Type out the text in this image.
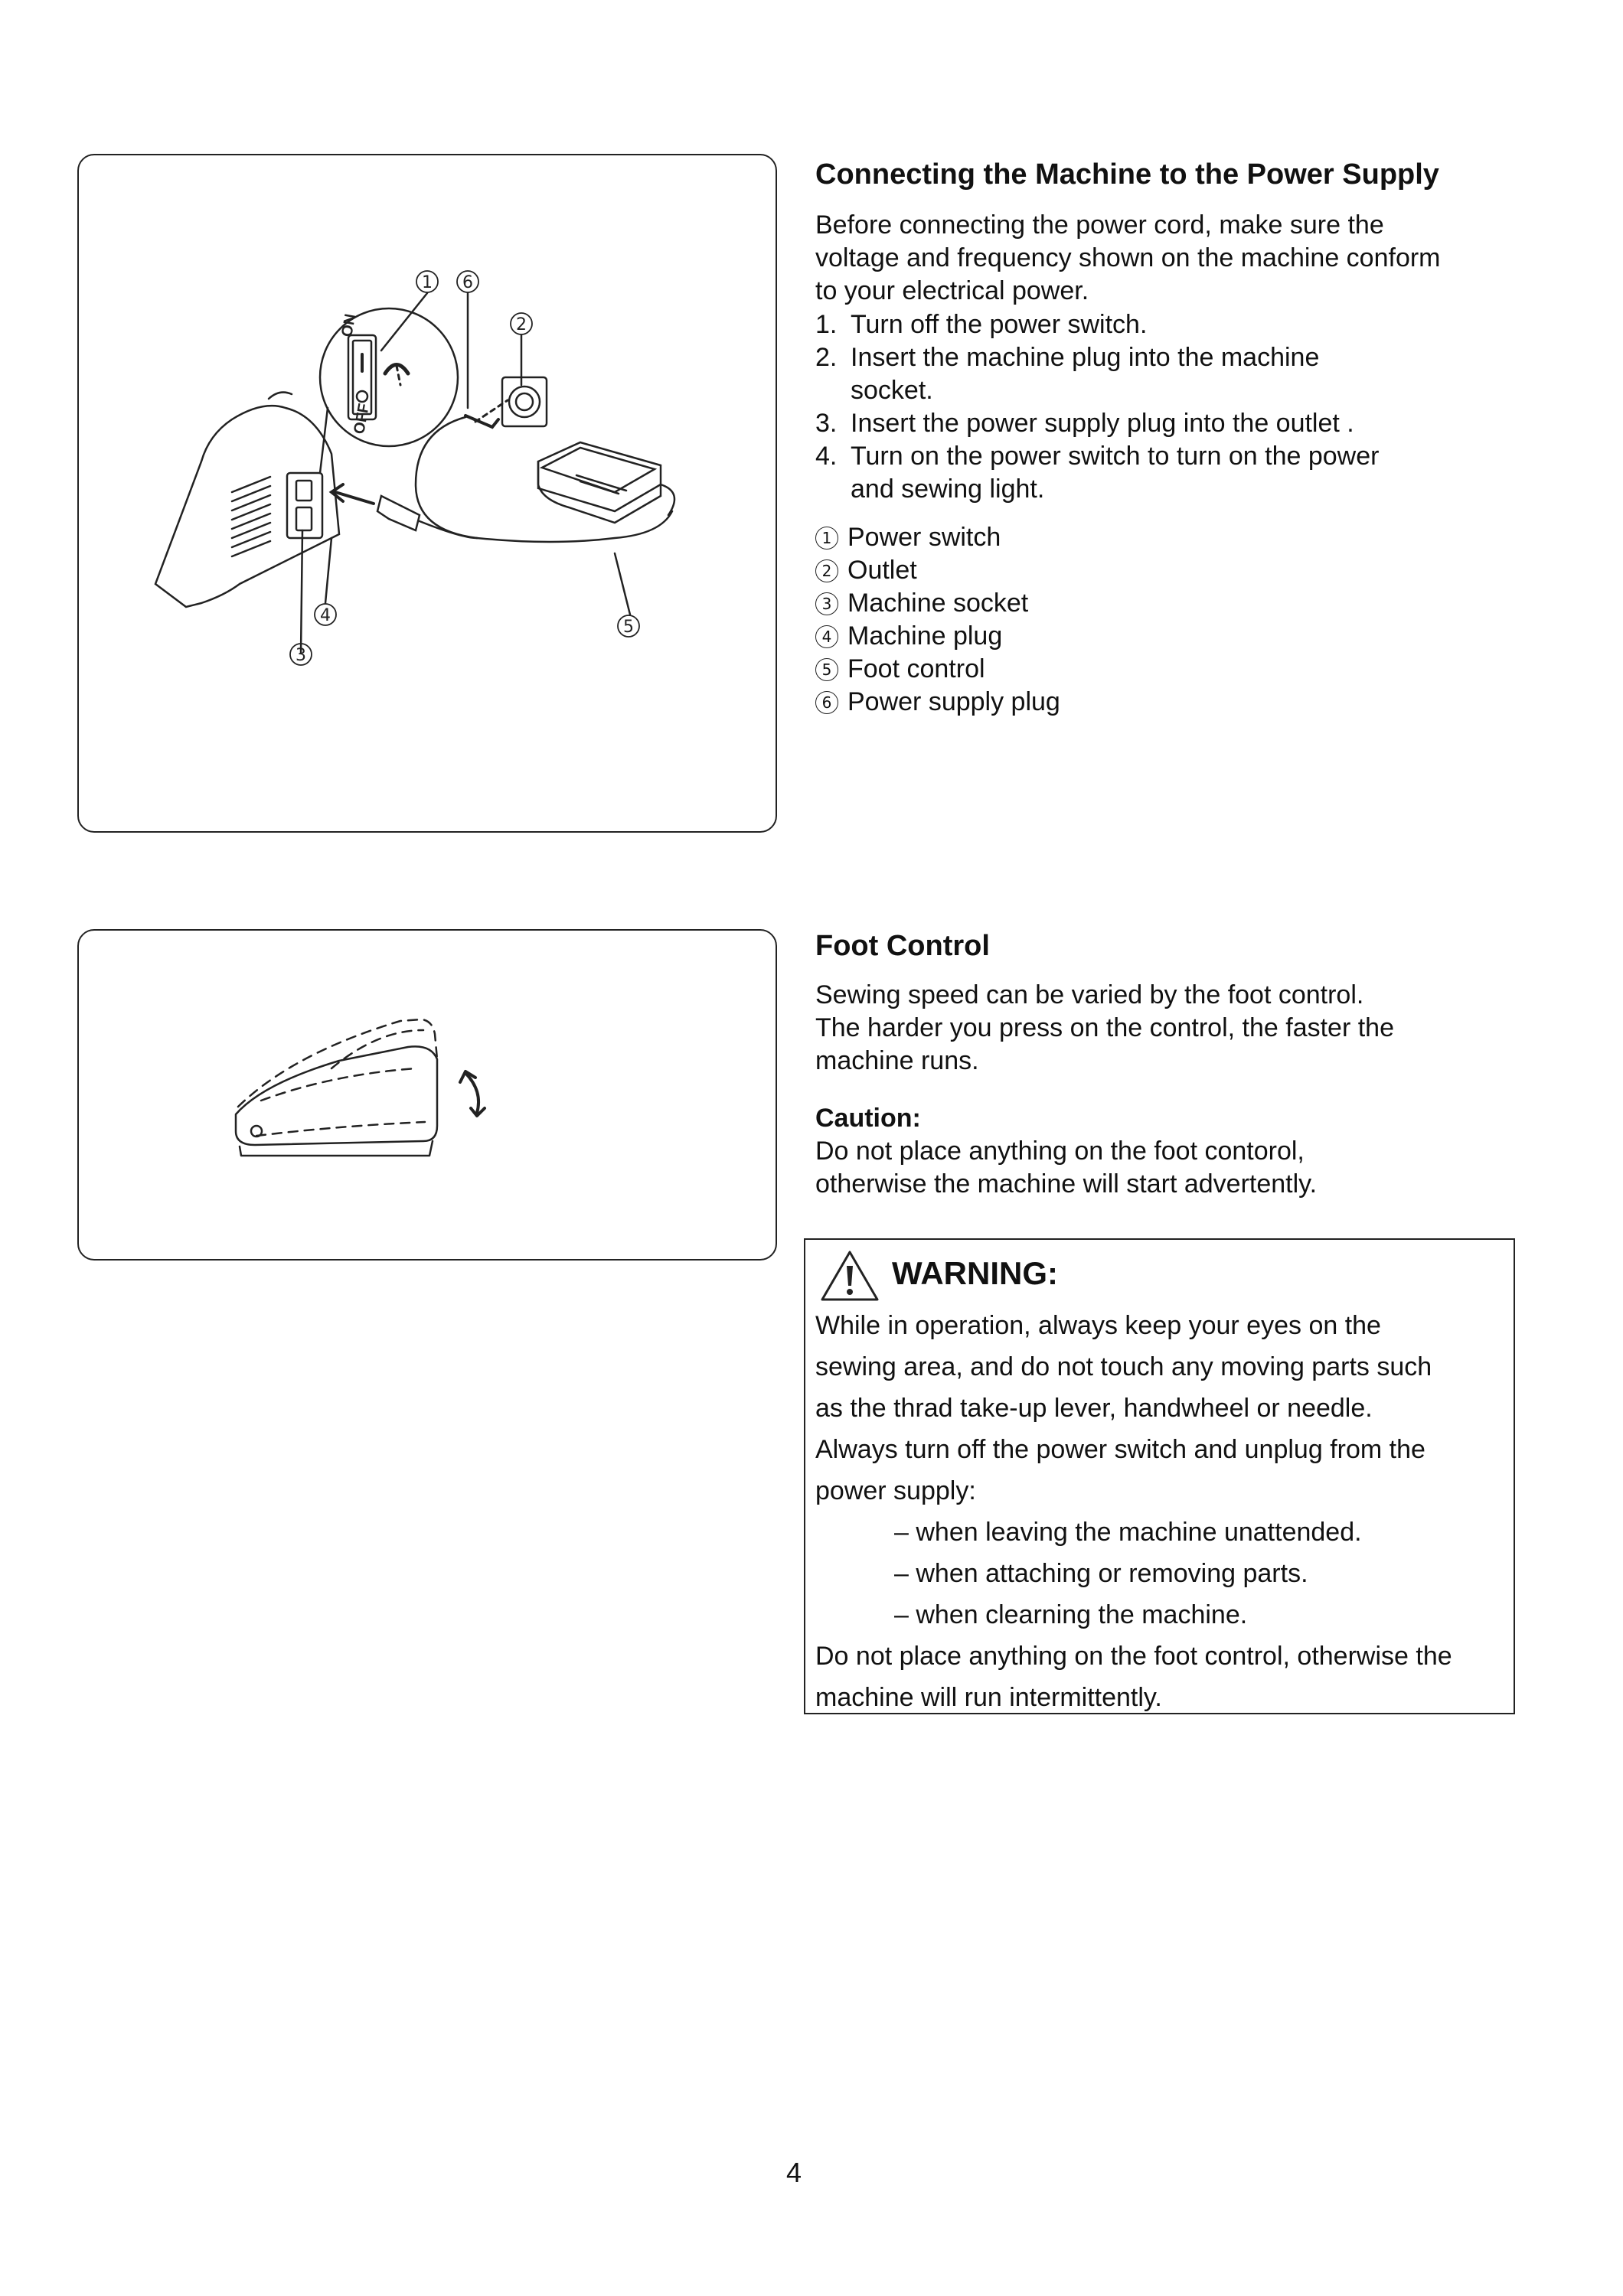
1 6
2
4
3
5
ON
OFF
Connecting the Machine to the Power Supply

Before connecting the power cord, make sure the voltage and frequency shown on the machine conform to your electrical power.

1. Turn off the power switch.
2. Insert the machine plug into the machine socket.
3. Insert the power supply plug into the outlet .
4. Turn on the power switch to turn on the power and sewing light.
1 Power switch
2 Outlet
3 Machine socket
4 Machine plug
5 Foot control
6 Power supply plug
Foot Control

Sewing speed can be varied by the foot control.

The harder you press on the control, the faster the

machine runs.

Caution:

Do not place anything on the foot contorol,

otherwise the machine will start advertently.

WARNING:

While in operation, always keep your eyes on the

sewing area, and do not touch any moving parts such

as the thrad take-up lever, handwheel or needle.

Always turn off the power switch and unplug from the

power supply:

– when leaving the machine unattended.

– when attaching or removing parts.

– when clearning the machine.

Do not place anything on the foot control, otherwise the

machine will run intermittently.

4
